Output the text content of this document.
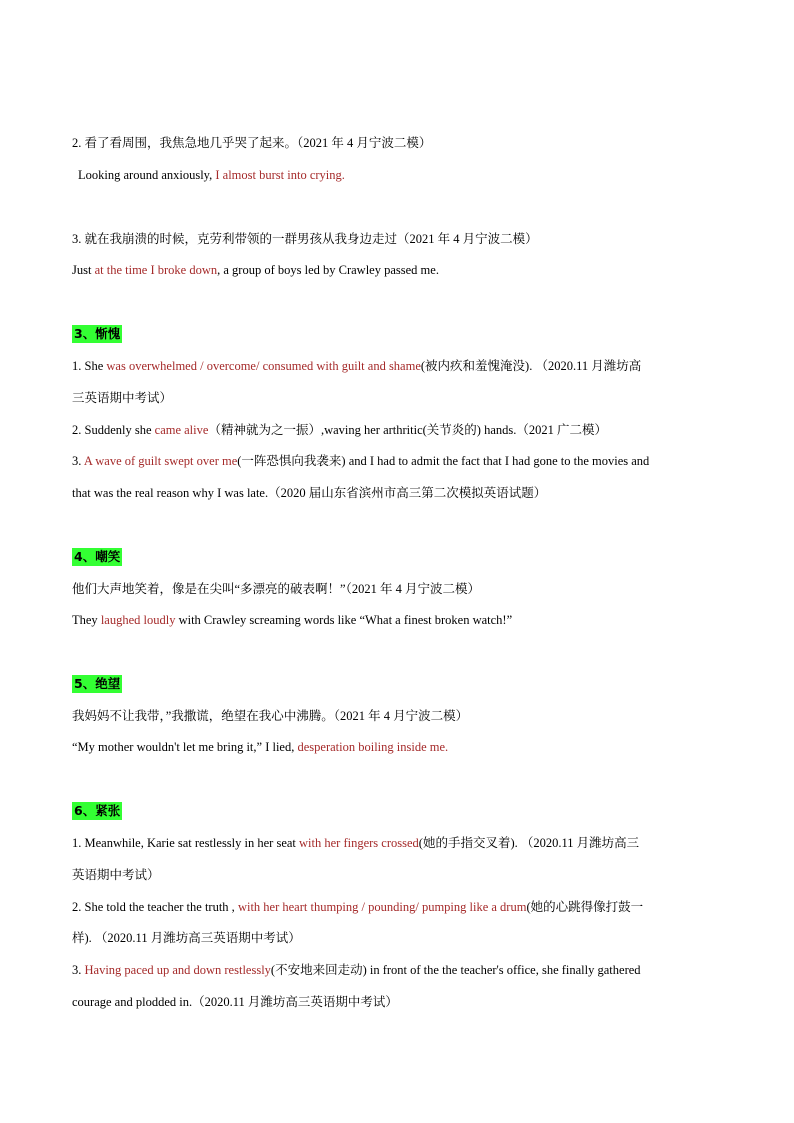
2. 看了看周围，我焦急地几乎哭了起来。（2021 年 4 月宁波二模）
Looking around anxiously, I almost burst into crying.
3. 就在我崩溃的时候，克劳利带领的一群男孩从我身边走过（2021 年 4 月宁波二模）
Just at the time I broke down, a group of boys led by Crawley passed me.
3、惭愧
1. She was overwhelmed / overcome/ consumed with guilt and shame(被内疚和羞愧淹没). （2020.11 月潍坊高
三英语期中考试）
2. Suddenly she came alive（精神就为之一振）,waving her arthritic(关节炎的) hands.（2021 广二模）
3. A wave of guilt swept over me(一阵恐惧向我袭来) and I had to admit the fact that I had gone to the movies and
that was the real reason why I was late.（2020 届山东省滨州市高三第二次模拟英语试题）
4、嘲笑
他们大声地笑着，像是在尖叫“多漂亮的破表啊！”（2021 年 4 月宁波二模）
They laughed loudly with Crawley screaming words like “What a finest broken watch!”
5、绝望
我妈妈不让我带，”我撒谎，绝望在我心中沸腾。（2021 年 4 月宁波二模）
“My mother wouldn't let me bring it,” I lied, desperation boiling inside me.
6、紧张
1. Meanwhile, Karie sat restlessly in her seat with her fingers crossed(她的手指交叉着). （2020.11 月潍坊高三
英语期中考试）
2. She told the teacher the truth , with her heart thumping / pounding/ pumping like a drum(她的心跳得像打鼓一
样). （2020.11 月潍坊高三英语期中考试）
3. Having paced up and down restlessly(不安地来回走动) in front of the the teacher's office, she finally gathered
courage and plodded in.（2020.11 月潍坊高三英语期中考试）
